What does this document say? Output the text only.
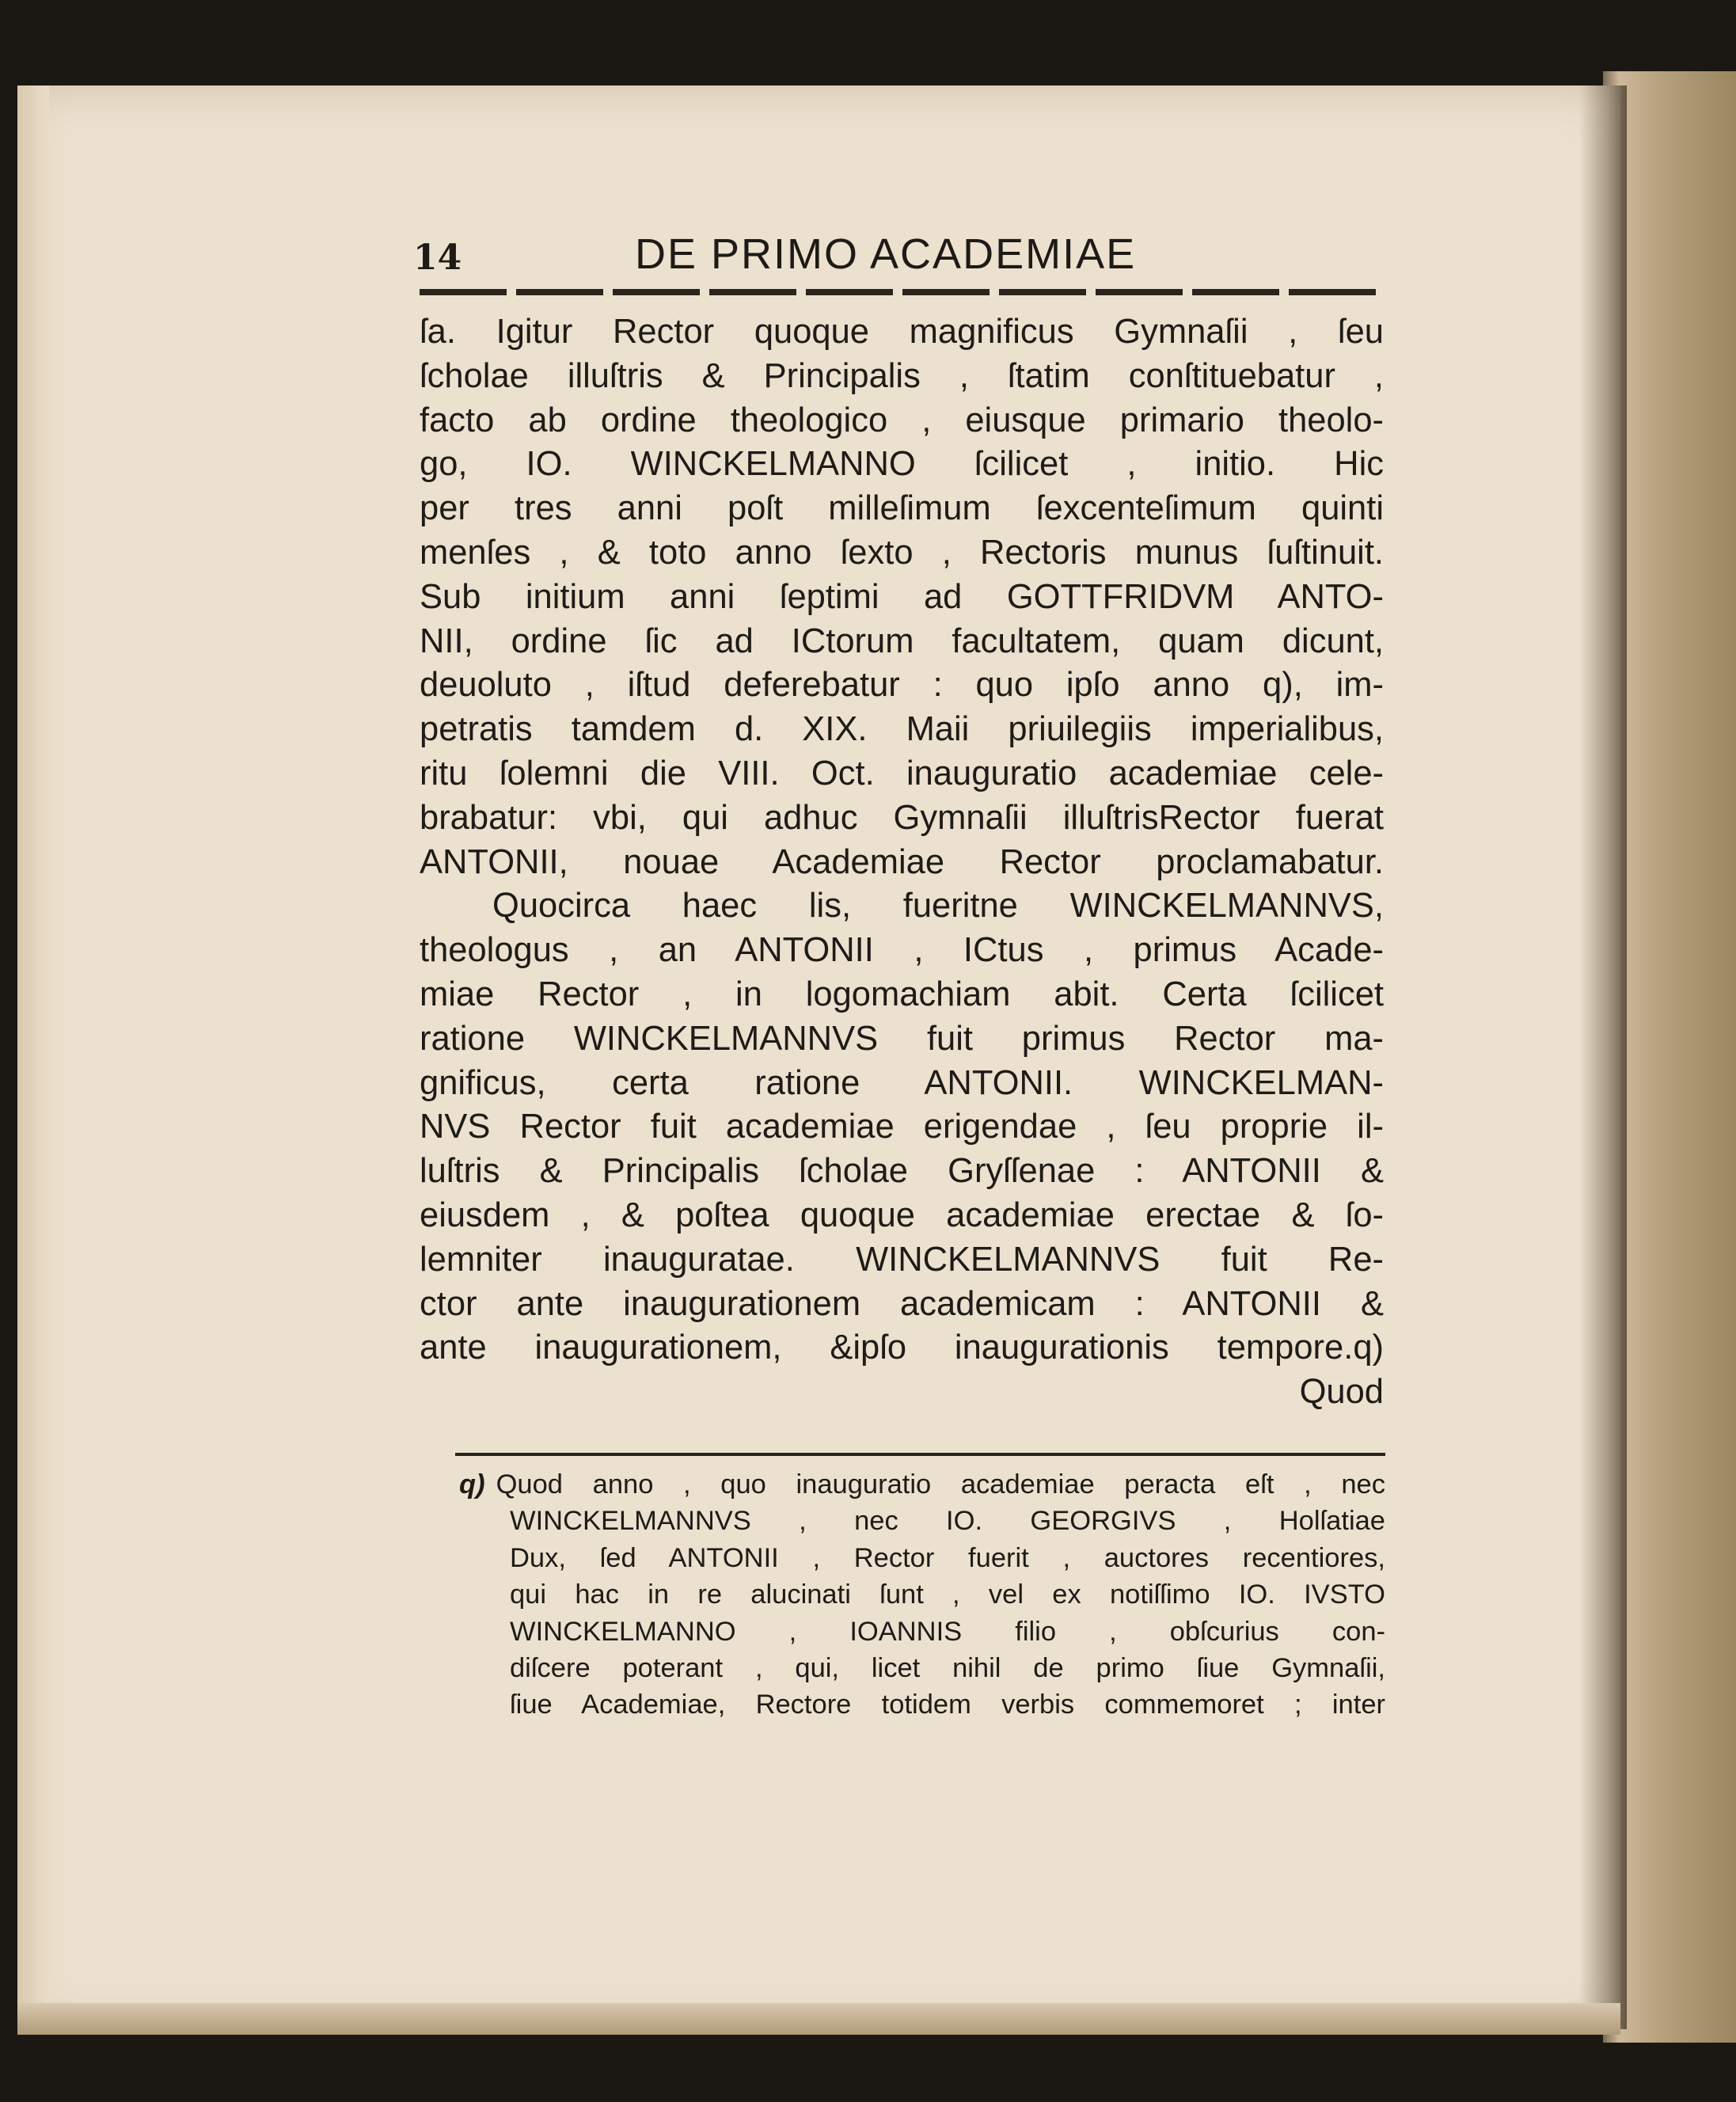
14	DE PRIMO ACADEMIAE
ſa. Igitur Rector quoque magnificus Gymnaſii , ſeu
ſcholae illuſtris & Principalis , ſtatim conſtituebatur ,
facto ab ordine theologico , eiusque primario theolo-
go, IO. WINCKELMANNO ſcilicet , initio. Hic
per tres anni poſt milleſimum ſexcenteſimum quinti
menſes , & toto anno ſexto , Rectoris munus ſuſtinuit.
Sub initium anni ſeptimi ad GOTTFRIDVM ANTO-
NII, ordine ſic ad ICtorum facultatem, quam dicunt,
deuoluto , iſtud deferebatur : quo ipſo anno q), im-
petratis tamdem d. XIX. Maii priuilegiis imperialibus,
ritu ſolemni die VIII. Oct. inauguratio academiae cele-
brabatur: vbi, qui adhuc Gymnaſii illuſtrisRector fuerat
ANTONII, nouae Academiae Rector proclamabatur.
Quocirca haec lis, fueritne WINCKELMANNVS,
theologus , an ANTONII , ICtus , primus Acade-
miae Rector , in logomachiam abit. Certa ſcilicet
ratione WINCKELMANNVS fuit primus Rector ma-
gnificus, certa ratione ANTONII. WINCKELMAN-
NVS Rector fuit academiae erigendae , ſeu proprie il-
luſtris & Principalis ſcholae Gryſſenae : ANTONII &
eiusdem , & poſtea quoque academiae erectae & ſo-
lemniter inauguratae. WINCKELMANNVS fuit Re-
ctor ante inaugurationem academicam : ANTONII &
ante inaugurationem, &ipſo inaugurationis tempore.q)
Quod
q) Quod anno , quo inauguratio academiae peracta eſt , nec
WINCKELMANNVS , nec IO. GEORGIVS , Holſatiae
Dux, ſed ANTONII , Rector fuerit , auctores recentiores,
qui hac in re alucinati ſunt , vel ex notiſſimo IO. IVSTO
WINCKELMANNO , IOANNIS filio , obſcurius con-
diſcere poterant , qui, licet nihil de primo ſiue Gymnaſii,
ſiue Academiae, Rectore totidem verbis commemoret ; inter
